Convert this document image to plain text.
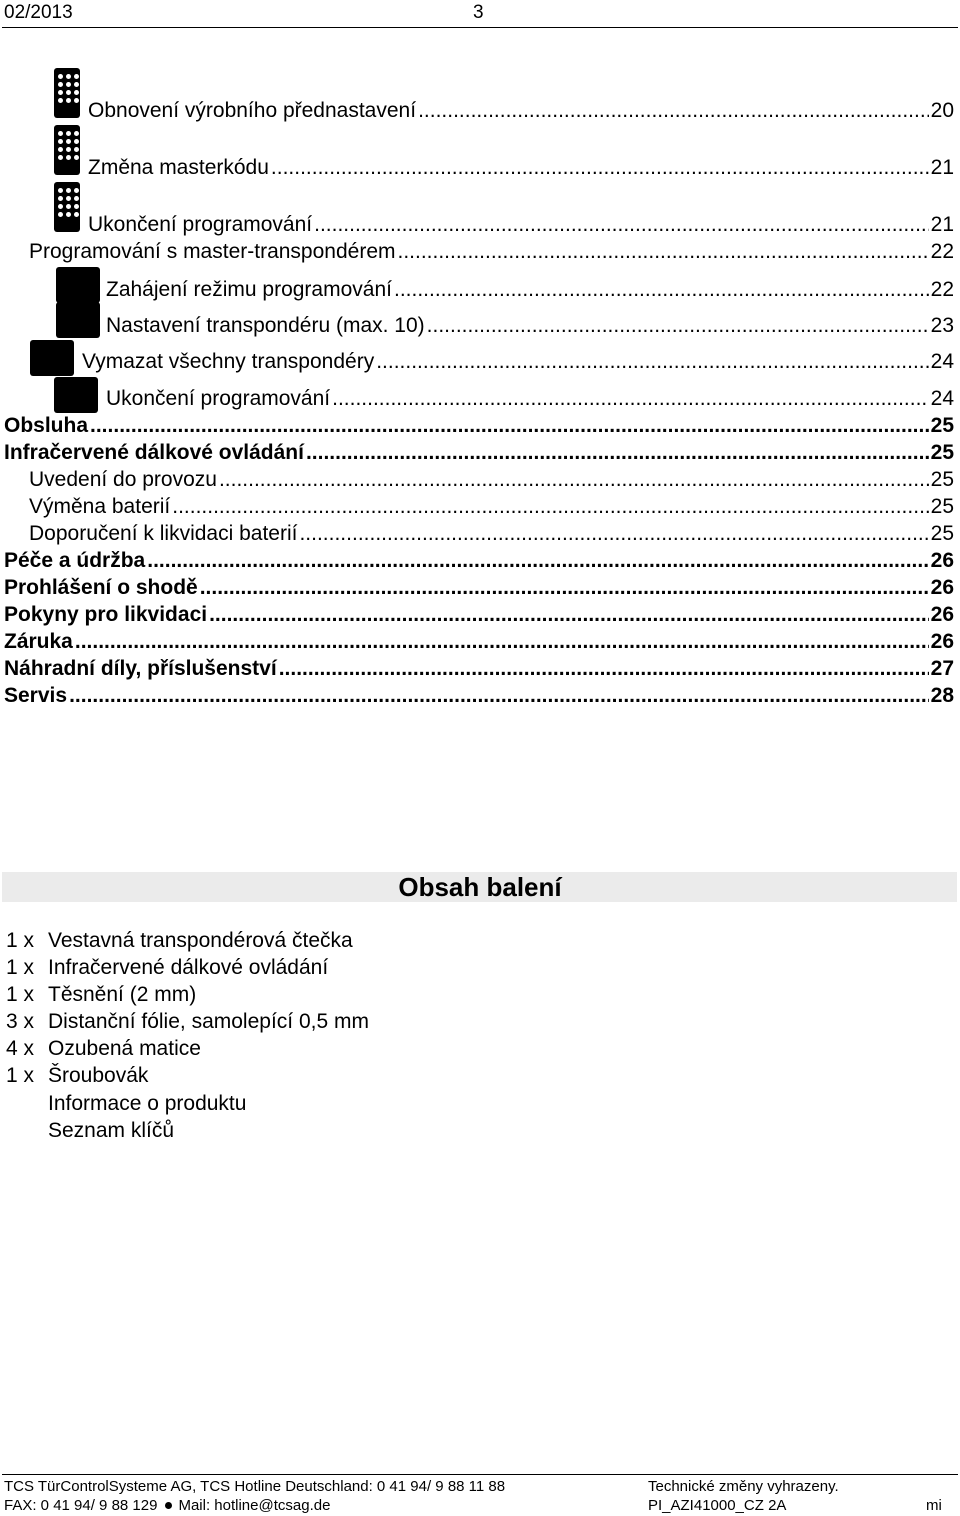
02/2013	3
Obnovení výrobního přednastavení .....	20
Změna masterkódu .....	21
Ukončení programování .....	21
Programování s master-transpondérem .....	22
Zahájení režimu programování .....	22
Nastavení transpondéru (max. 10) .....	23
Vymazat všechny transpondéry .....	24
Ukončení programování .....	24
Obsluha .....	25
Infračervené dálkové ovládání .....	25
Uvedení do provozu .....	25
Výměna baterií .....	25
Doporučení k likvidaci baterií .....	25
Péče a údržba .....	26
Prohlášení o shodě .....	26
Pokyny pro likvidaci .....	26
Záruka .....	26
Náhradní díly, příslušenství .....	27
Servis .....	28
Obsah balení
1 x Vestavná transpondérová čtečka
1 x Infračervené dálkové ovládání
1 x Těsnění (2 mm)
3 x Distanční fólie, samolepící 0,5 mm
4 x Ozubená matice
1 x Šroubovák
Informace o produktu
Seznam klíčů
TCS TürControlSysteme AG, TCS Hotline Deutschland: 0 41 94/ 9 88 11 88	Technické změny vyhrazeny.
FAX: 0 41 94/ 9 88 129 Mail: hotline@tcsag.de	PI_AZI41000_CZ 2A	mi
